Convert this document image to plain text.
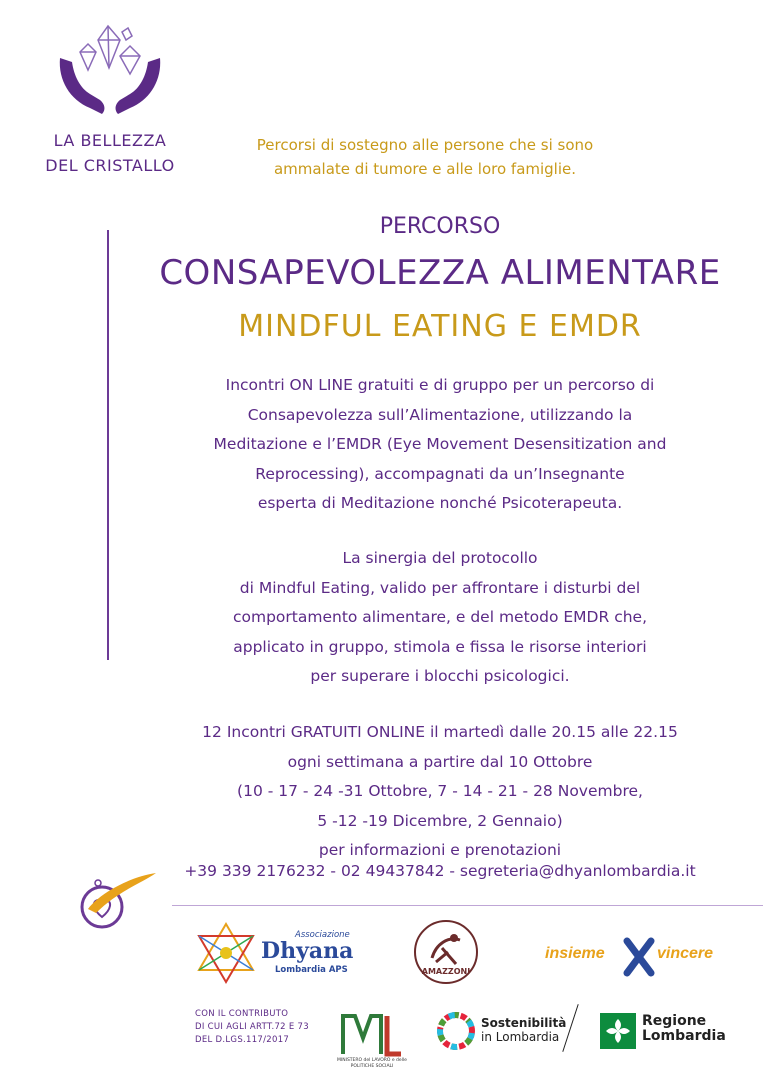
LA BELLEZZA
DEL CRISTALLO
Percorsi di sostegno alle persone che si sono
ammalate di tumore e alle loro famiglie.
PERCORSO
CONSAPEVOLEZZA ALIMENTARE
MINDFUL EATING E EMDR
Incontri ON LINE gratuiti e di gruppo per un percorso di
Consapevolezza sull’Alimentazione, utilizzando la
Meditazione e l’EMDR (Eye Movement Desensitization and
Reprocessing), accompagnati da un’Insegnante
esperta di Meditazione nonché Psicoterapeuta.
La sinergia del protocollo
di Mindful Eating, valido per affrontare i disturbi del
comportamento alimentare, e del metodo EMDR che,
applicato in gruppo, stimola e fissa le risorse interiori
per superare i blocchi psicologici.
12 Incontri GRATUITI ONLINE il martedì dalle 20.15 alle 22.15
ogni settimana a partire dal 10 Ottobre
(10 - 17 - 24 -31 Ottobre, 7 - 14 - 21 - 28 Novembre,
5 -12 -19 Dicembre, 2 Gennaio)
per informazioni e prenotazioni
+39 339 2176232 - 02 49437842 - segreteria@dhyanlombardia.it
Associazione
Dhyana
Lombardia APS	AMAZZONI
insieme	vincere
CON IL CONTRIBUTO
DI CUI AGLI ARTT.72 E 73
DEL D.LGS.117/2017
MINISTERO del LAVORO e delle POLITICHE SOCIALI
Sostenibilità
in Lombardia
Regione
Lombardia
